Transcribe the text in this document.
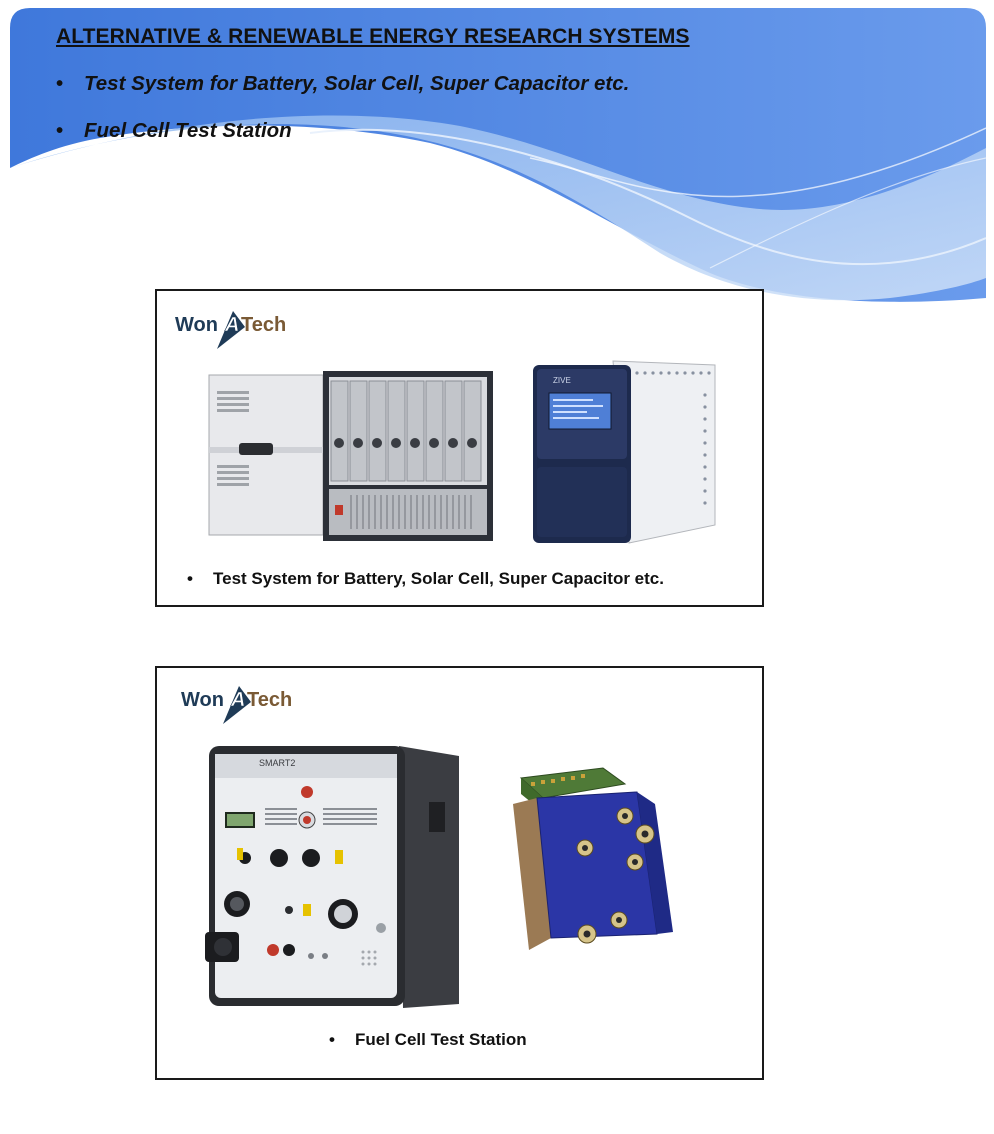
ALTERNATIVE & RENEWABLE ENERGY RESEARCH SYSTEMS
• Test System for Battery, Solar Cell, Super Capacitor etc.
• Fuel Cell Test Station
Won A Tech
ZIVE
• Test System for Battery, Solar Cell, Super Capacitor etc.
Won A Tech
SMART2
• Fuel Cell Test Station
